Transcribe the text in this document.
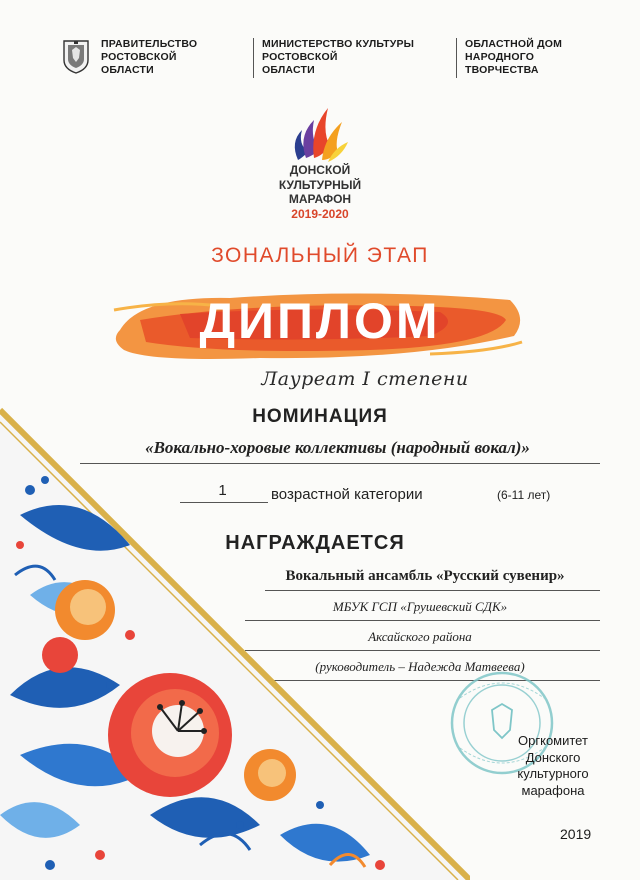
ПРАВИТЕЛЬСТВО
РОСТОВСКОЙ
ОБЛАСТИ
МИНИСТЕРСТВО КУЛЬТУРЫ
РОСТОВСКОЙ
ОБЛАСТИ
ОБЛАСТНОЙ ДОМ
НАРОДНОГО
ТВОРЧЕСТВА
ДОНСКОЙ
КУЛЬТУРНЫЙ
МАРАФОН
2019-2020
ЗОНАЛЬНЫЙ ЭТАП
ДИПЛОМ
Лауреат I степени
НОМИНАЦИЯ
«Вокально-хоровые коллективы (народный вокал)»
1	возрастной категории	(6-11 лет)
НАГРАЖДАЕТСЯ
Вокальный ансамбль «Русский сувенир»
МБУК ГСП «Грушевский СДК»
Аксайского района
(руководитель – Надежда Матвеева)
Оргкомитет
Донского
культурного
марафона
2019
